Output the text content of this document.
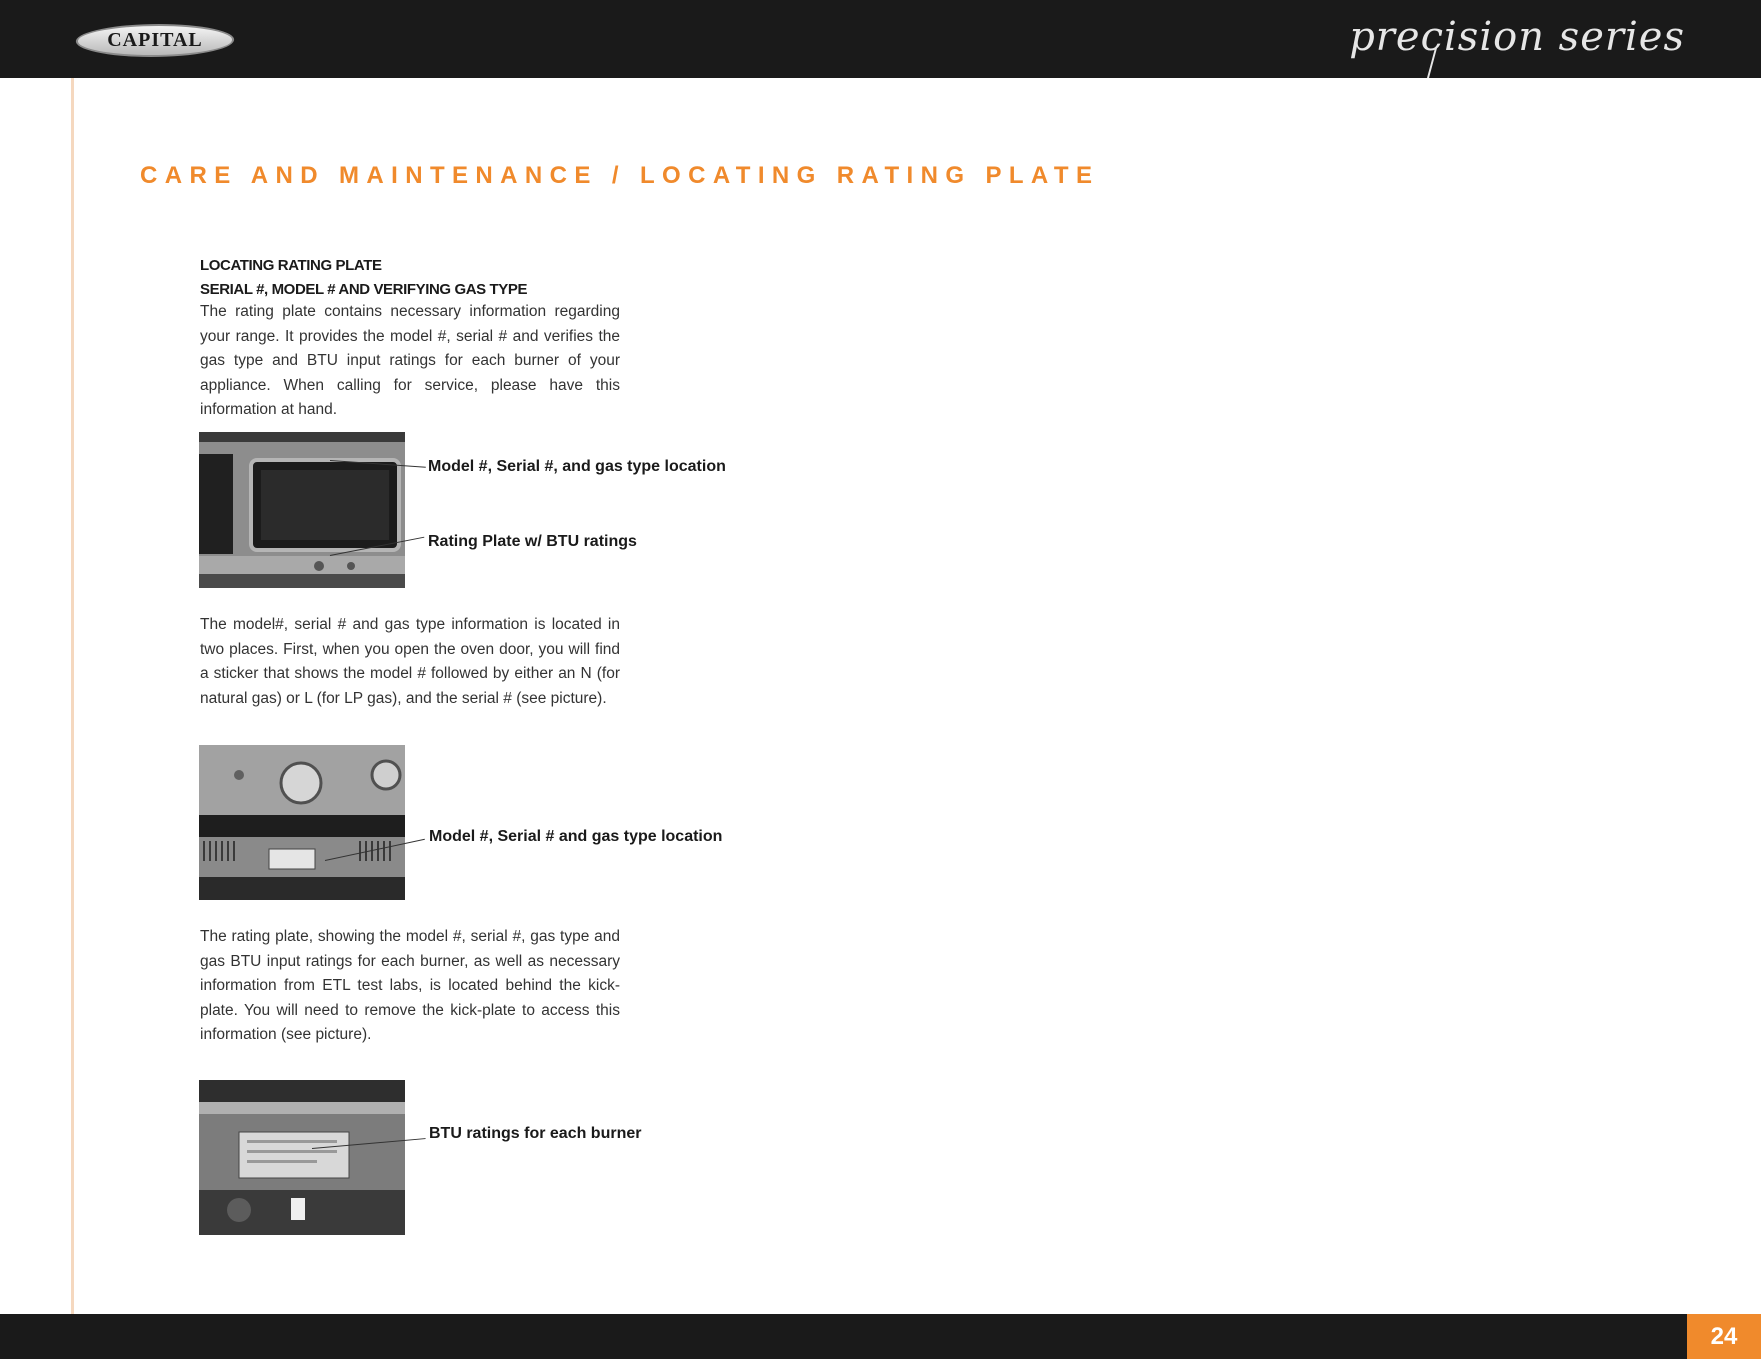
CAPITAL	precision series
CARE AND MAINTENANCE / LOCATING RATING PLATE
LOCATING RATING PLATE
SERIAL #, MODEL # AND VERIFYING GAS TYPE

The rating plate contains necessary information regarding your range. It provides the model #, serial # and verifies the gas type and BTU input ratings for each burner of your appliance. When calling for service, please have this information at hand.

Model #, Serial #, and gas type location
Rating Plate w/ BTU ratings

The model#, serial # and gas type information is located in two places. First, when you open the oven door, you will find a sticker that shows the model # followed by either an N (for natural gas) or L (for LP gas), and the serial # (see picture).

Model #, Serial # and gas type location

The rating plate, showing the model #, serial #, gas type and gas BTU input ratings for each burner, as well as necessary information from ETL test labs, is located behind the kick-plate. You will need to remove the kick-plate to access this information (see picture).

BTU ratings for each burner
24
